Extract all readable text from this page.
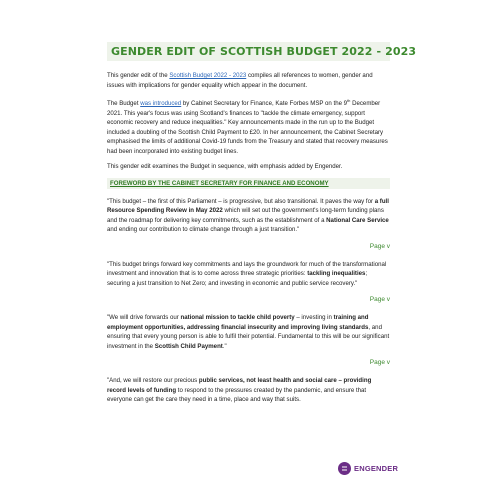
GENDER EDIT OF SCOTTISH BUDGET 2022 - 2023

This gender edit of the Scottish Budget 2022 - 2023 compiles all references to women, gender and issues with implications for gender equality which appear in the document.

The Budget was introduced by Cabinet Secretary for Finance, Kate Forbes MSP on the 9th December 2021. This year's focus was using Scotland's finances to "tackle the climate emergency, support economic recovery and reduce inequalities." Key announcements made in the run up to the Budget included a doubling of the Scottish Child Payment to £20. In her announcement, the Cabinet Secretary emphasised the limits of additional Covid-19 funds from the Treasury and stated that recovery measures had been incorporated into existing budget lines.

This gender edit examines the Budget in sequence, with emphasis added by Engender.

FOREWORD BY THE CABINET SECRETARY FOR FINANCE AND ECONOMY

"This budget – the first of this Parliament – is progressive, but also transitional. It paves the way for a full Resource Spending Review in May 2022 which will set out the government's long-term funding plans and the roadmap for delivering key commitments, such as the establishment of a National Care Service and ending our contribution to climate change through a just transition."

Page v

"This budget brings forward key commitments and lays the groundwork for much of the transformational investment and innovation that is to come across three strategic priorities: tackling inequalities; securing a just transition to Net Zero; and investing in economic and public service recovery."

Page v

"We will drive forwards our national mission to tackle child poverty – investing in training and employment opportunities, addressing financial insecurity and improving living standards, and ensuring that every young person is able to fulfil their potential. Fundamental to this will be our significant investment in the Scottish Child Payment."

Page v

"And, we will restore our precious public services, not least health and social care – providing record levels of funding to respond to the pressures created by the pandemic, and ensure that everyone can get the care they need in a time, place and way that suits.

ENGENDER
